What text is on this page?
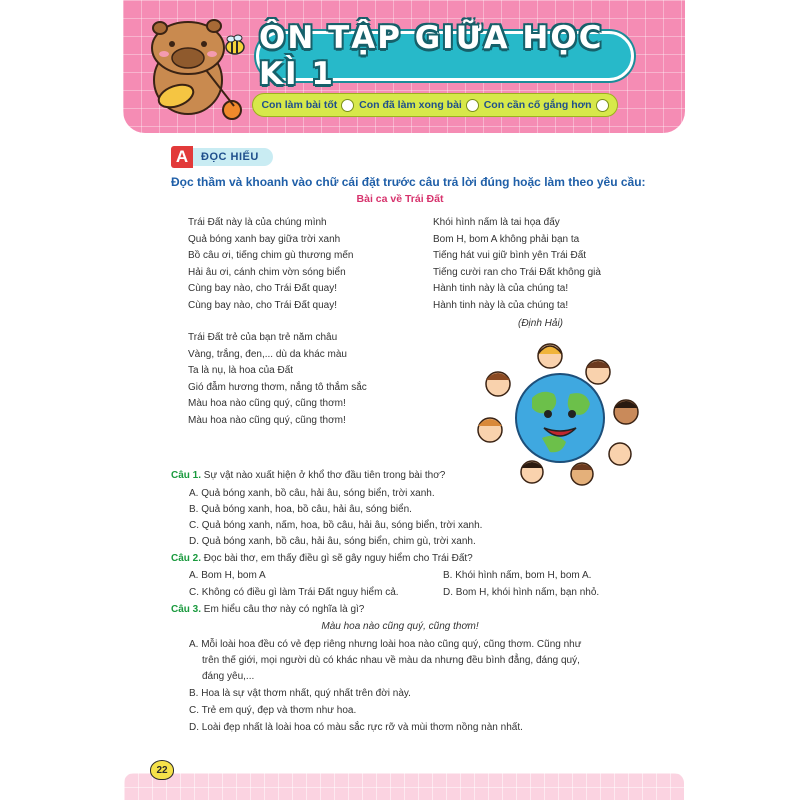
ÔN TẬP GIỮA HỌC KÌ 1
Con làm bài tốt Con đã làm xong bài Con cần cố gắng hơn
A	ĐỌC HIỂU
Đọc thầm và khoanh vào chữ cái đặt trước câu trả lời đúng hoặc làm theo yêu cầu:
Bài ca về Trái Đất
Trái Đất này là của chúng mình
Quả bóng xanh bay giữa trời xanh
Bồ câu ơi, tiếng chim gù thương mến
Hải âu ơi, cánh chim vờn sóng biển
Cùng bay nào, cho Trái Đất quay!
Cùng bay nào, cho Trái Đất quay!
Trái Đất trẻ của bạn trẻ năm châu
Vàng, trắng, đen,... dù da khác màu
Ta là nụ, là hoa của Đất
Gió đẫm hương thơm, nắng tô thắm sắc
Màu hoa nào cũng quý, cũng thơm!
Màu hoa nào cũng quý, cũng thơm!
Khói hình nấm là tai họa đấy
Bom H, bom A không phải bạn ta
Tiếng hát vui giữ bình yên Trái Đất
Tiếng cười ran cho Trái Đất không già
Hành tinh này là của chúng ta!
Hành tinh này là của chúng ta!
(Định Hải)
Câu 1. Sự vật nào xuất hiện ở khổ thơ đầu tiên trong bài thơ?
A. Quả bóng xanh, bồ câu, hải âu, sóng biển, trời xanh.
B. Quả bóng xanh, hoa, bồ câu, hải âu, sóng biển.
C. Quả bóng xanh, nấm, hoa, bồ câu, hải âu, sóng biển, trời xanh.
D. Quả bóng xanh, bồ câu, hải âu, sóng biển, chim gù, trời xanh.
Câu 2. Đọc bài thơ, em thấy điều gì sẽ gây nguy hiểm cho Trái Đất?
A. Bom H, bom A	B. Khói hình nấm, bom H, bom A.
C. Không có điều gì làm Trái Đất nguy hiểm cả.	D. Bom H, khói hình nấm, bạn nhỏ.
Câu 3. Em hiểu câu thơ này có nghĩa là gì?
Màu hoa nào cũng quý, cũng thơm!
A. Mỗi loài hoa đều có vẻ đẹp riêng nhưng loài hoa nào cũng quý, cũng thơm. Cũng như
trên thế giới, mọi người dù có khác nhau về màu da nhưng đều bình đẳng, đáng quý,
đáng yêu,...
B. Hoa là sự vật thơm nhất, quý nhất trên đời này.
C. Trẻ em quý, đẹp và thơm như hoa.
D. Loài đẹp nhất là loài hoa có màu sắc rực rỡ và mùi thơm nồng nàn nhất.
22
